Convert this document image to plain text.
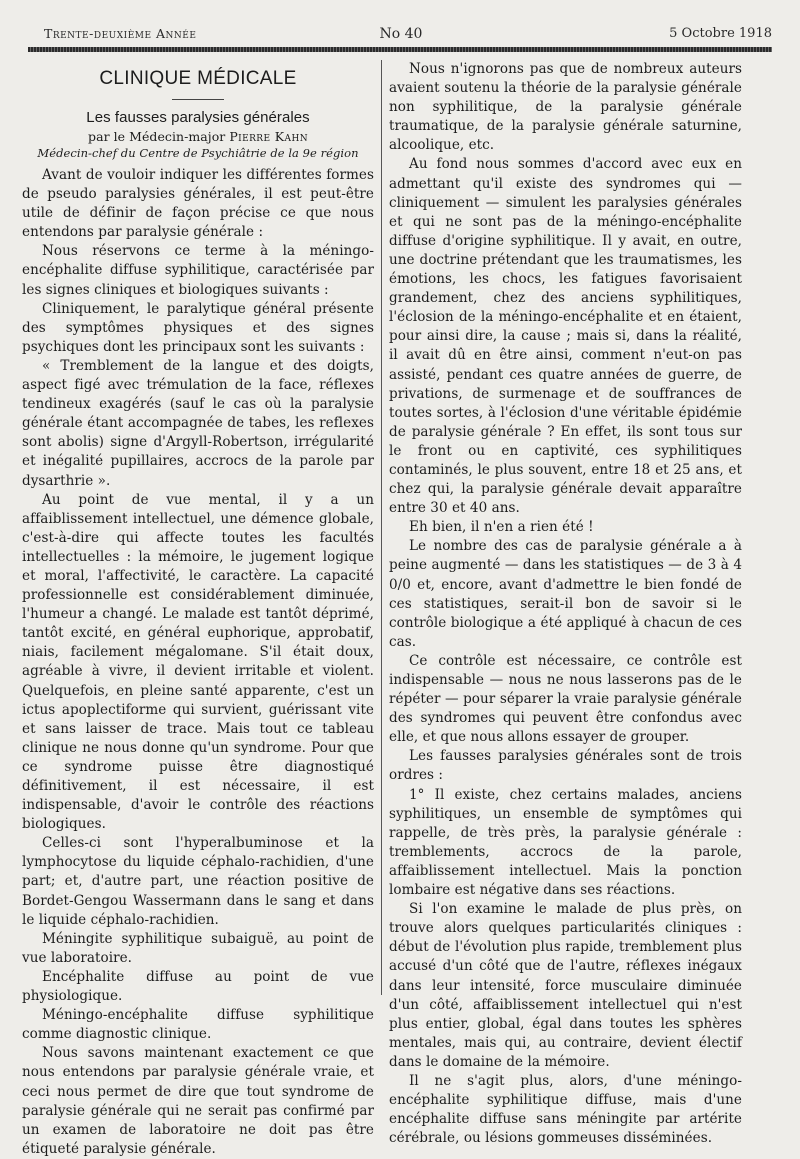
Trente-deuxième Année	No 40	5 Octobre 1918
CLINIQUE MÉDICALE
Les fausses paralysies générales
par le Médecin-major Pierre Kahn
Médecin-chef du Centre de Psychiâtrie de la 9e région

Avant de vouloir indiquer les différentes formes de pseudo paralysies générales, il est peut-être utile de définir de façon précise ce que nous entendons par paralysie générale :

Nous réservons ce terme à la méningo-encéphalite diffuse syphilitique, caractérisée par les signes cliniques et biologiques suivants :

Cliniquement, le paralytique général présente des symptômes physiques et des signes psychiques dont les principaux sont les suivants :

« Tremblement de la langue et des doigts, aspect figé avec trémulation de la face, réflexes tendineux exagérés (sauf le cas où la paralysie générale étant accompagnée de tabes, les reflexes sont abolis) signe d'Argyll-Robertson, irrégularité et inégalité pupillaires, accrocs de la parole par dysarthrie ».

Au point de vue mental, il y a un affaiblissement intellectuel, une démence globale, c'est-à-dire qui affecte toutes les facultés intellectuelles : la mémoire, le jugement logique et moral, l'affectivité, le caractère. La capacité professionnelle est considérablement diminuée, l'humeur a changé. Le malade est tantôt déprimé, tantôt excité, en général euphorique, approbatif, niais, facilement mégalomane. S'il était doux, agréable à vivre, il devient irritable et violent. Quelquefois, en pleine santé apparente, c'est un ictus apoplectiforme qui survient, guérissant vite et sans laisser de trace. Mais tout ce tableau clinique ne nous donne qu'un syndrome. Pour que ce syndrome puisse être diagnostiqué définitivement, il est nécessaire, il est indispensable, d'avoir le contrôle des réactions biologiques.

Celles-ci sont l'hyperalbuminose et la lymphocytose du liquide céphalo-rachidien, d'une part; et, d'autre part, une réaction positive de Bordet-Gengou Wassermann dans le sang et dans le liquide céphalo-rachidien.

Méningite syphilitique subaiguë, au point de vue laboratoire.

Encéphalite diffuse au point de vue physiologique.

Méningo-encéphalite diffuse syphilitique comme diagnostic clinique.

Nous savons maintenant exactement ce que nous entendons par paralysie générale vraie, et ceci nous permet de dire que tout syndrome de paralysie générale qui ne serait pas confirmé par un examen de laboratoire ne doit pas être étiqueté paralysie générale.

Nous n'ignorons pas que de nombreux auteurs avaient soutenu la théorie de la paralysie générale non syphilitique, de la paralysie générale traumatique, de la paralysie générale saturnine, alcoolique, etc.

Au fond nous sommes d'accord avec eux en admettant qu'il existe des syndromes qui — cliniquement — simulent les paralysies générales et qui ne sont pas de la méningo-encéphalite diffuse d'origine syphilitique. Il y avait, en outre, une doctrine prétendant que les traumatismes, les émotions, les chocs, les fatigues favorisaient grandement, chez des anciens syphilitiques, l'éclosion de la méningo-encéphalite et en étaient, pour ainsi dire, la cause ; mais si, dans la réalité, il avait dû en être ainsi, comment n'eut-on pas assisté, pendant ces quatre années de guerre, de privations, de surmenage et de souffrances de toutes sortes, à l'éclosion d'une véritable épidémie de paralysie générale ? En effet, ils sont tous sur le front ou en captivité, ces syphilitiques contaminés, le plus souvent, entre 18 et 25 ans, et chez qui, la paralysie générale devait apparaître entre 30 et 40 ans.

Eh bien, il n'en a rien été !

Le nombre des cas de paralysie générale a à peine augmenté — dans les statistiques — de 3 à 4 0/0 et, encore, avant d'admettre le bien fondé de ces statistiques, serait-il bon de savoir si le contrôle biologique a été appliqué à chacun de ces cas.

Ce contrôle est nécessaire, ce contrôle est indispensable — nous ne nous lasserons pas de le répéter — pour séparer la vraie paralysie générale des syndromes qui peuvent être confondus avec elle, et que nous allons essayer de grouper.

Les fausses paralysies générales sont de trois ordres :

1° Il existe, chez certains malades, anciens syphilitiques, un ensemble de symptômes qui rappelle, de très près, la paralysie générale : tremblements, accrocs de la parole, affaiblissement intellectuel. Mais la ponction lombaire est négative dans ses réactions.

Si l'on examine le malade de plus près, on trouve alors quelques particularités cliniques : début de l'évolution plus rapide, tremblement plus accusé d'un côté que de l'autre, réflexes inégaux dans leur intensité, force musculaire diminuée d'un côté, affaiblissement intellectuel qui n'est plus entier, global, égal dans toutes les sphères mentales, mais qui, au contraire, devient électif dans le domaine de la mémoire.

Il ne s'agit plus, alors, d'une méningo-encéphalite syphilitique diffuse, mais d'une encéphalite diffuse sans méningite par artérite cérébrale, ou lésions gommeuses disséminées.
